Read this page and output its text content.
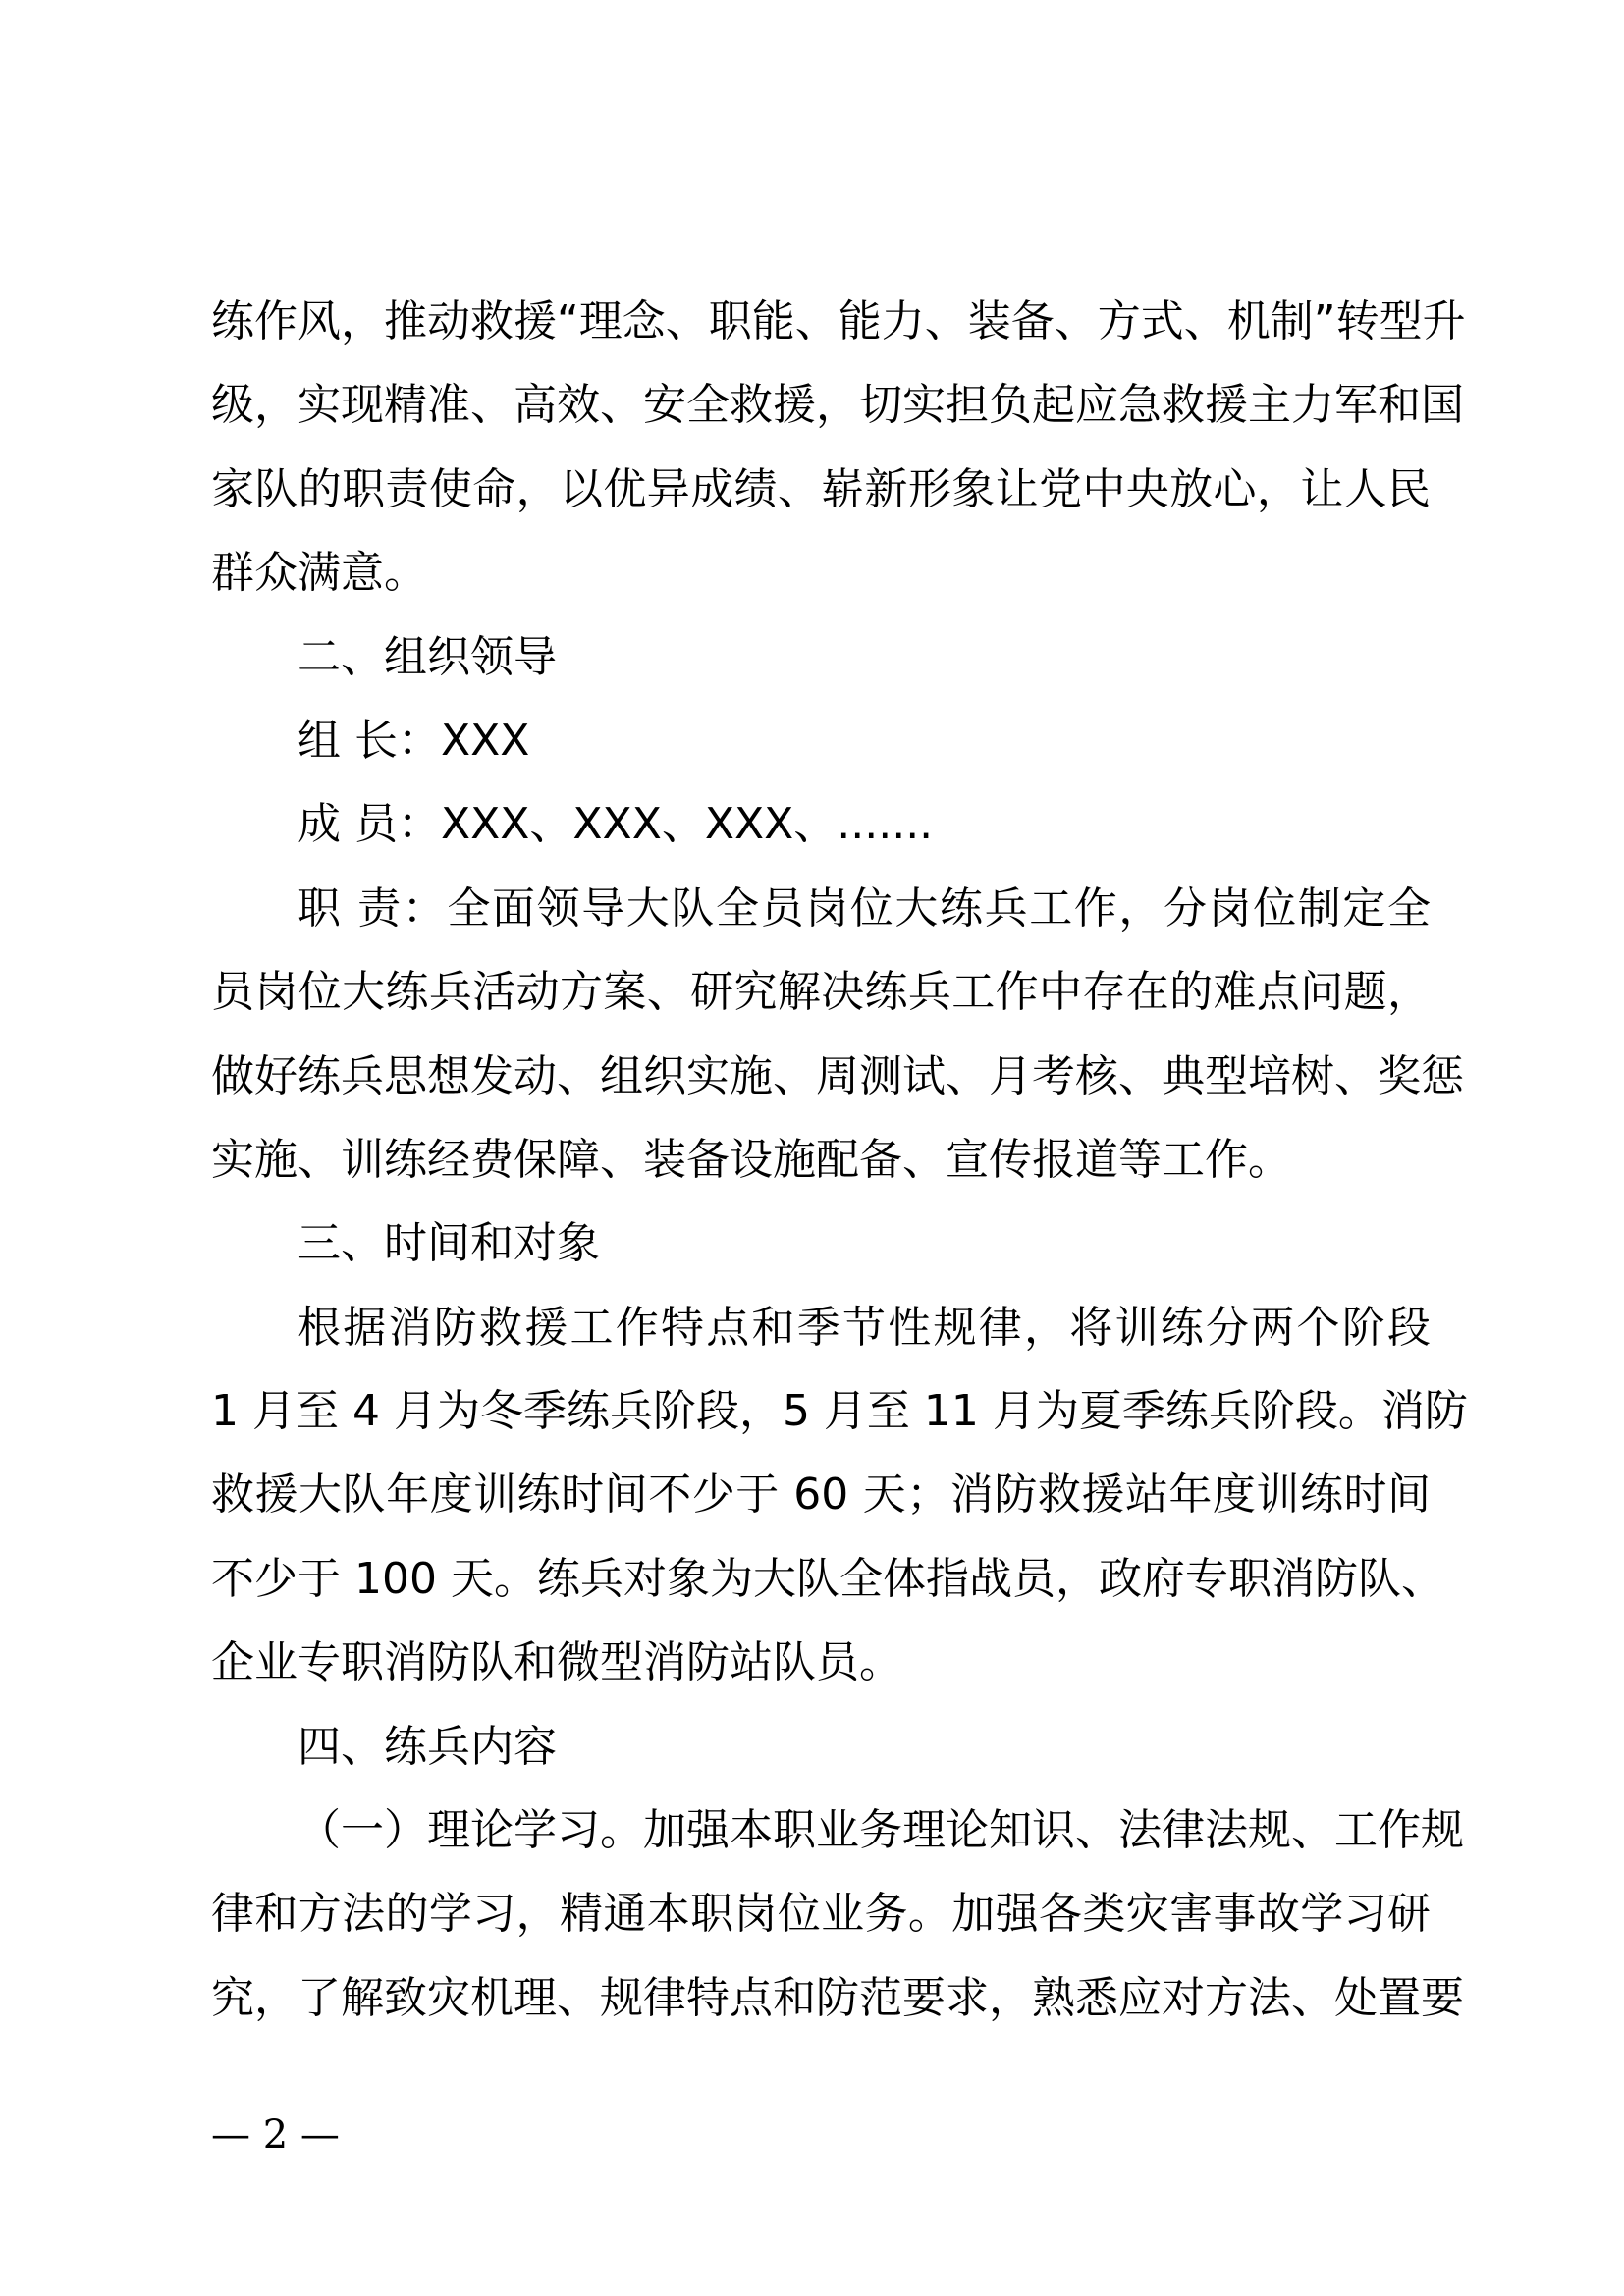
练作风，推动救援“理念、职能、能力、装备、方式、机制”转型升
级，实现精准、高效、安全救援，切实担负起应急救援主力军和国
家队的职责使命，以优异成绩、崭新形象让党中央放心，让人民
群众满意。
二、组织领导
组 长：XXX
成 员：XXX、XXX、XXX、.......
职 责：全面领导大队全员岗位大练兵工作，分岗位制定全
员岗位大练兵活动方案、研究解决练兵工作中存在的难点问题，
做好练兵思想发动、组织实施、周测试、月考核、典型培树、奖惩
实施、训练经费保障、装备设施配备、宣传报道等工作。
三、时间和对象
根据消防救援工作特点和季节性规律，将训练分两个阶段
1 月至 4 月为冬季练兵阶段，5 月至 11 月为夏季练兵阶段。消防
救援大队年度训练时间不少于 60 天；消防救援站年度训练时间
不少于 100 天。练兵对象为大队全体指战员，政府专职消防队、
企业专职消防队和微型消防站队员。
四、练兵内容
（一）理论学习。加强本职业务理论知识、法律法规、工作规
律和方法的学习，精通本职岗位业务。加强各类灾害事故学习研
究，了解致灾机理、规律特点和防范要求，熟悉应对方法、处置要
— 2 —
